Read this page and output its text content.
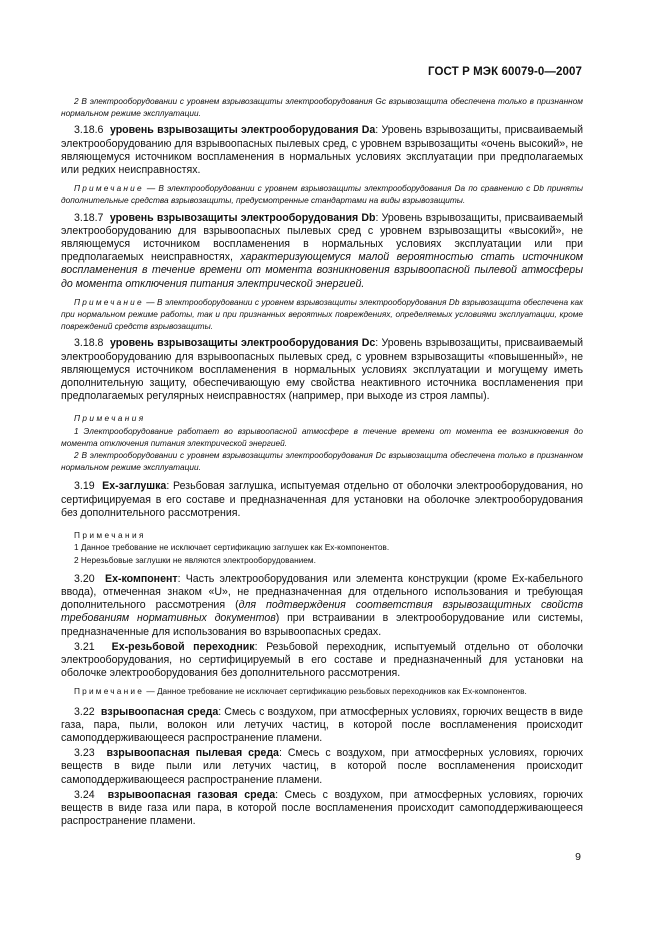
ГОСТ Р МЭК 60079-0—2007

2 В электрооборудовании с уровнем взрывозащиты электрооборудования Gc взрывозащита обеспечена только в признанном нормальном режиме эксплуатации.

3.18.6 уровень взрывозащиты электрооборудования Da: Уровень взрывозащиты, присваиваемый электрооборудованию для взрывоопасных пылевых сред, с уровнем взрывозащиты «очень высокий», не являющемуся источником воспламенения в нормальных условиях эксплуатации при предполагаемых или редких неисправностях.

Примечание — В электрооборудовании с уровнем взрывозащиты электрооборудования Da по сравнению с Db приняты дополнительные средства взрывозащиты, предусмотренные стандартами на виды взрывозащиты.

3.18.7 уровень взрывозащиты электрооборудования Db: Уровень взрывозащиты, присваиваемый электрооборудованию для взрывоопасных пылевых сред с уровнем взрывозащиты «высокий», не являющемуся источником воспламенения в нормальных условиях эксплуатации или при предполагаемых неисправностях, характеризующемуся малой вероятностью стать источником воспламенения в течение времени от момента возникновения взрывоопасной пылевой атмосферы до момента отключения питания электрической энергией.

Примечание — В электрооборудовании с уровнем взрывозащиты электрооборудования Db взрывозащита обеспечена как при нормальном режиме работы, так и при признанных вероятных повреждениях, определяемых условиями эксплуатации, кроме повреждений средств взрывозащиты.

3.18.8 уровень взрывозащиты электрооборудования Dc: Уровень взрывозащиты, присваиваемый электрооборудованию для взрывоопасных пылевых сред, с уровнем взрывозащиты «повышенный», не являющемуся источником воспламенения в нормальных условиях эксплуатации и могущему иметь дополнительную защиту, обеспечивающую ему свойства неактивного источника воспламенения при предполагаемых регулярных неисправностях (например, при выходе из строя лампы).

Примечания

1 Электрооборудование работает во взрывоопасной атмосфере в течение времени от момента ее возникновения до момента отключения питания электрической энергией.

2 В электрооборудовании с уровнем взрывозащиты электрооборудования Dc взрывозащита обеспечена только в признанном нормальном режиме эксплуатации.

3.19 Ех-заглушка: Резьбовая заглушка, испытуемая отдельно от оболочки электрооборудования, но сертифицируемая в его составе и предназначенная для установки на оболочке электрооборудования без дополнительного рассмотрения.

Примечания

1 Данное требование не исключает сертификацию заглушек как Ех-компонентов.

2 Нерезьбовые заглушки не являются электрооборудованием.

3.20 Ех-компонент: Часть электрооборудования или элемента конструкции (кроме Ех-кабельного ввода), отмеченная знаком «U», не предназначенная для отдельного использования и требующая дополнительного рассмотрения (для подтверждения соответствия взрывозащитных свойств требованиям нормативных документов) при встраивании в электрооборудование или системы, предназначенные для использования во взрывоопасных средах.

3.21 Ех-резьбовой переходник: Резьбовой переходник, испытуемый отдельно от оболочки электрооборудования, но сертифицируемый в его составе и предназначенный для установки на оболочке электрооборудования без дополнительного рассмотрения.

Примечание — Данное требование не исключает сертификацию резьбовых переходников как Ех-компонентов.

3.22 взрывоопасная среда: Смесь с воздухом, при атмосферных условиях, горючих веществ в виде газа, пара, пыли, волокон или летучих частиц, в которой после воспламенения происходит самоподдерживающееся распространение пламени.

3.23 взрывоопасная пылевая среда: Смесь с воздухом, при атмосферных условиях, горючих веществ в виде пыли или летучих частиц, в которой после воспламенения происходит самоподдерживающееся распространение пламени.

3.24 взрывоопасная газовая среда: Смесь с воздухом, при атмосферных условиях, горючих веществ в виде газа или пара, в которой после воспламенения происходит самоподдерживающееся распространение пламени.

9
